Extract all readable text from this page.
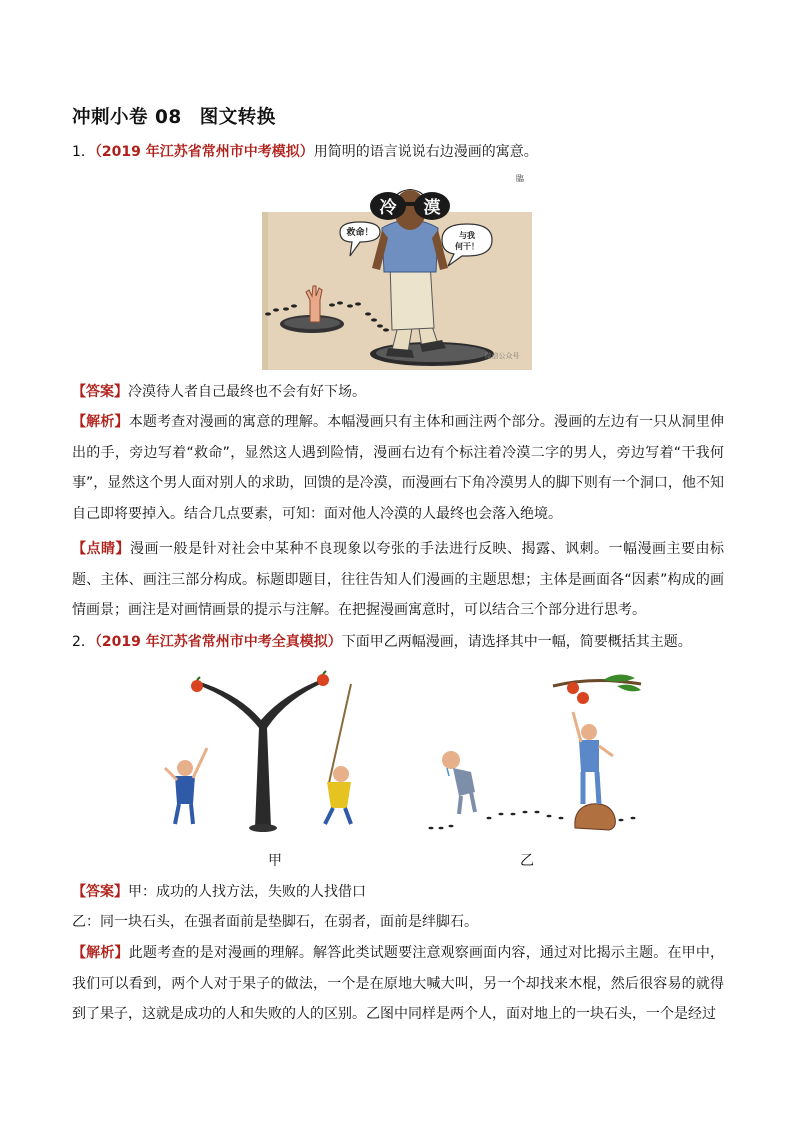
冲刺小卷 08 图文转换
1．（2019 年江苏省常州市中考模拟）用简明的语言说说右边漫画的寓意。
救命！	与我
何干！
冷 漠
臨
微信公众号
【答案】冷漠待人者自己最终也不会有好下场。
【解析】本题考查对漫画的寓意的理解。本幅漫画只有主体和画注两个部分。漫画的左边有一只从洞里伸出的手，旁边写着“救命”，显然这人遇到险情，漫画右边有个标注着冷漠二字的男人，旁边写着“干我何事”，显然这个男人面对别人的求助，回馈的是冷漠，而漫画右下角冷漠男人的脚下则有一个洞口，他不知自己即将要掉入。结合几点要素，可知：面对他人冷漠的人最终也会落入绝境。
【点睛】漫画一般是针对社会中某种不良现象以夸张的手法进行反映、揭露、讽刺。一幅漫画主要由标题、主体、画注三部分构成。标题即题目，往往告知人们漫画的主题思想；主体是画面各“因素”构成的画情画景；画注是对画情画景的提示与注解。在把握漫画寓意时，可以结合三个部分进行思考。
2．（2019 年江苏省常州市中考全真模拟）下面甲乙两幅漫画，请选择其中一幅，简要概括其主题。
甲	乙
【答案】甲：成功的人找方法，失败的人找借口
乙：同一块石头，在强者面前是垫脚石，在弱者，面前是绊脚石。
【解析】此题考查的是对漫画的理解。解答此类试题要注意观察画面内容，通过对比揭示主题。在甲中，我们可以看到，两个人对于果子的做法，一个是在原地大喊大叫，另一个却找来木棍，然后很容易的就得到了果子，这就是成功的人和失败的人的区别。乙图中同样是两个人，面对地上的一块石头，一个是经过
